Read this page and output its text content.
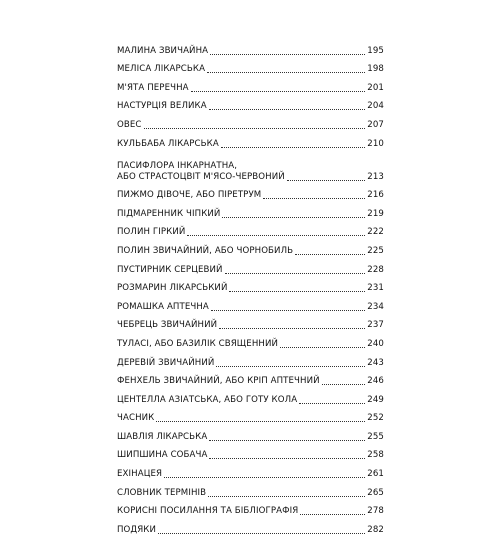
МАЛИНА ЗВИЧАЙНА	195
МЕЛІСА ЛІКАРСЬКА	198
М'ЯТА ПЕРЕЧНА	201
НАСТУРЦІЯ ВЕЛИКА	204
ОВЕС	207
КУЛЬБАБА ЛІКАРСЬКА	210
ПАСИФЛОРА ІНКАРНАТНА,
АБО СТРАСТОЦВІТ М'ЯСО-ЧЕРВОНИЙ	213
ПИЖМО ДІВОЧЕ, АБО ПІРЕТРУМ	216
ПІДМАРЕННИК ЧІПКИЙ	219
ПОЛИН ГІРКИЙ	222
ПОЛИН ЗВИЧАЙНИЙ, АБО ЧОРНОБИЛЬ	225
ПУСТИРНИК СЕРЦЕВИЙ	228
РОЗМАРИН ЛІКАРСЬКИЙ	231
РОМАШКА АПТЕЧНА	234
ЧЕБРЕЦЬ ЗВИЧАЙНИЙ	237
ТУЛАСІ, АБО БАЗИЛІК СВЯЩЕННИЙ	240
ДЕРЕВІЙ ЗВИЧАЙНИЙ	243
ФЕНХЕЛЬ ЗВИЧАЙНИЙ, АБО КРІП АПТЕЧНИЙ	246
ЦЕНТЕЛЛА АЗІАТСЬКА, АБО ГОТУ КОЛА	249
ЧАСНИК	252
ШАВЛІЯ ЛІКАРСЬКА	255
ШИПШИНА СОБАЧА	258
ЕХІНАЦЕЯ	261
СЛОВНИК ТЕРМІНІВ	265
КОРИСНІ ПОСИЛАННЯ ТА БІБЛІОГРАФІЯ	278
ПОДЯКИ	282
